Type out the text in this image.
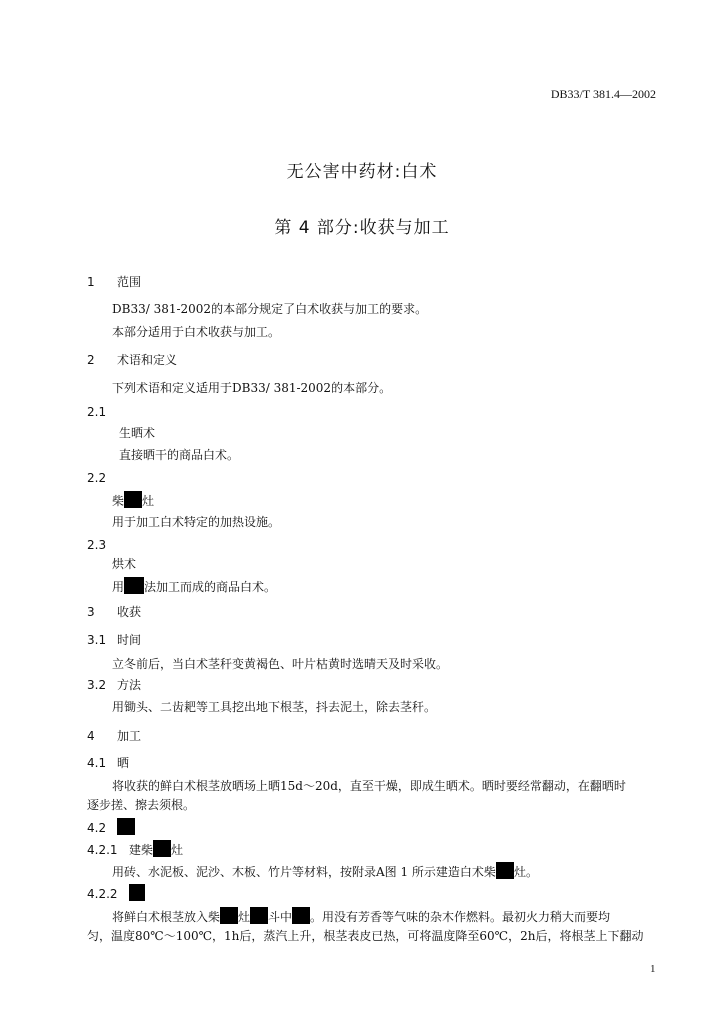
DB33/T 381.4—2002
无公害中药材:白术
第 4 部分:收获与加工
1 范围
DB33/ 381-2002的本部分规定了白术收获与加工的要求。
本部分适用于白术收获与加工。
2 术语和定义
下列术语和定义适用于DB33/ 381-2002的本部分。
2.1
生晒术
直接晒干的商品白术。
2.2
柴 灶
用于加工白术特定的加热设施。
2.3
烘术
用 法加工而成的商品白术。
3 收获
3.1 时间
立冬前后，当白术茎秆变黄褐色、叶片枯黄时选晴天及时采收。
3.2 方法
用锄头、二齿耙等工具挖出地下根茎，抖去泥土，除去茎秆。
4 加工
4.1 晒
将收获的鲜白术根茎放晒场上晒15d～20d，直至干燥，即成生晒术。晒时要经常翻动，在翻晒时
逐步搓、擦去须根。
4.2
4.2.1 建柴 灶
用砖、水泥板、泥沙、木板、竹片等材料，按附录A图 1 所示建造白术柴 灶。
4.2.2
将鲜白术根茎放入柴 灶 斗中 。用没有芳香等气味的杂木作燃料。最初火力稍大而要均
匀，温度80℃～100℃，1h后，蒸汽上升，根茎表皮已热，可将温度降至60℃，2h后，将根茎上下翻动
1
